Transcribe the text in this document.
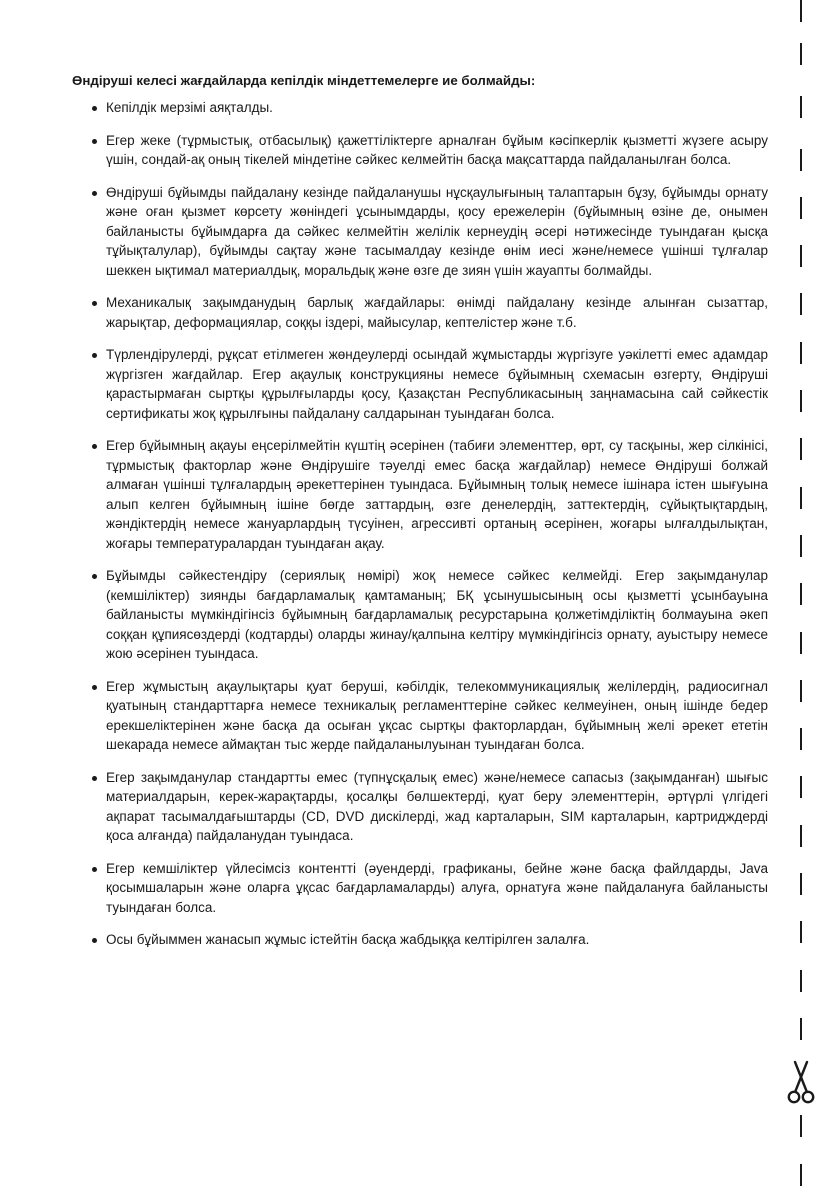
Өндіруші келесі жағдайларда кепілдік міндеттемелерге ие болмайды:
Кепілдік мерзімі аяқталды.
Егер жеке (тұрмыстық, отбасылық) қажеттіліктерге арналған бұйым кәсіпкерлік қызметті жүзеге асыру үшін, сондай-ақ оның тікелей міндетіне сәйкес келмейтін басқа мақсаттарда пайдаланылған болса.
Өндіруші бұйымды пайдалану кезінде пайдаланушы нұсқаулығының талаптарын бұзу, бұйымды орнату және оған қызмет көрсету жөніндегі ұсынымдарды, қосу ережелерін (бұйымның өзіне де, онымен байланысты бұйымдарға да сәйкес келмейтін желілік кернеудің әсері нәтижесінде туындаған қысқа тұйықталулар), бұйымды сақтау және тасымалдау кезінде өнім иесі және/немесе үшінші тұлғалар шеккен ықтимал материалдық, моральдық және өзге де зиян үшін жауапты болмайды.
Механикалық зақымданудың барлық жағдайлары: өнімді пайдалану кезінде алынған сызаттар, жарықтар, деформациялар, соққы іздері, майысулар, кептелістер және т.б.
Түрлендірулерді, рұқсат етілмеген жөндеулерді осындай жұмыстарды жүргізуге уәкілетті емес адамдар жүргізген жағдайлар. Егер ақаулық конструкцияны немесе бұйымның схемасын өзгерту, Өндіруші қарастырмаған сыртқы құрылғыларды қосу, Қазақстан Республикасының заңнамасына сай сәйкестік сертификаты жоқ құрылғыны пайдалану салдарынан туындаған болса.
Егер бұйымның ақауы еңсерілмейтін күштің әсерінен (табиғи элементтер, өрт, су тасқыны, жер сілкінісі, тұрмыстық факторлар және Өндірушіге тәуелді емес басқа жағдайлар) немесе Өндіруші болжай алмаған үшінші тұлғалардың әрекеттерінен туындаса. Бұйымның толық немесе ішінара істен шығуына алып келген бұйымның ішіне бөгде заттардың, өзге денелердің, заттектердің, сұйықтықтардың, жәндіктердің немесе жануарлардың түсуінен, агрессивті ортаның әсерінен, жоғары ылғалдылықтан, жоғары температуралардан туындаған ақау.
Бұйымды сәйкестендіру (сериялық нөмірі) жоқ немесе сәйкес келмейді. Егер зақымданулар (кемшіліктер) зиянды бағдарламалық қамтаманың; БҚ ұсынушысының осы қызметті ұсынбауына байланысты мүмкіндігінсіз бұйымның бағдарламалық ресурстарына қолжетімділіктің болмауына әкеп соққан құпиясөздерді (кодтарды) оларды жинау/қалпына келтіру мүмкіндігінсіз орнату, ауыстыру немесе жою әсерінен туындаса.
Егер жұмыстың ақаулықтары қуат беруші, кәбілдік, телекоммуникациялық желілердің, радиосигнал қуатының стандарттарға немесе техникалық регламенттеріне сәйкес келмеуінен, оның ішінде бедер ерекшеліктерінен және басқа да осыған ұқсас сыртқы факторлардан, бұйымның желі әрекет ететін шекарада немесе аймақтан тыс жерде пайдаланылуынан туындаған болса.
Егер зақымданулар стандартты емес (түпнұсқалық емес) және/немесе сапасыз (зақымданған) шығыс материалдарын, керек-жарақтарды, қосалқы бөлшектерді, қуат беру элементтерін, әртүрлі үлгідегі ақпарат тасымалдағыштарды (CD, DVD дискілерді, жад карталарын, SIM карталарын, картридждерді қоса алғанда) пайдаланудан туындаса.
Егер кемшіліктер үйлесімсіз контентті (әуендерді, графиканы, бейне және басқа файлдарды, Java қосымшаларын және оларға ұқсас бағдарламаларды) алуға, орнатуға және пайдалануға байланысты туындаған болса.
Осы бұйыммен жанасып жұмыс істейтін басқа жабдыққа келтірілген залалға.
